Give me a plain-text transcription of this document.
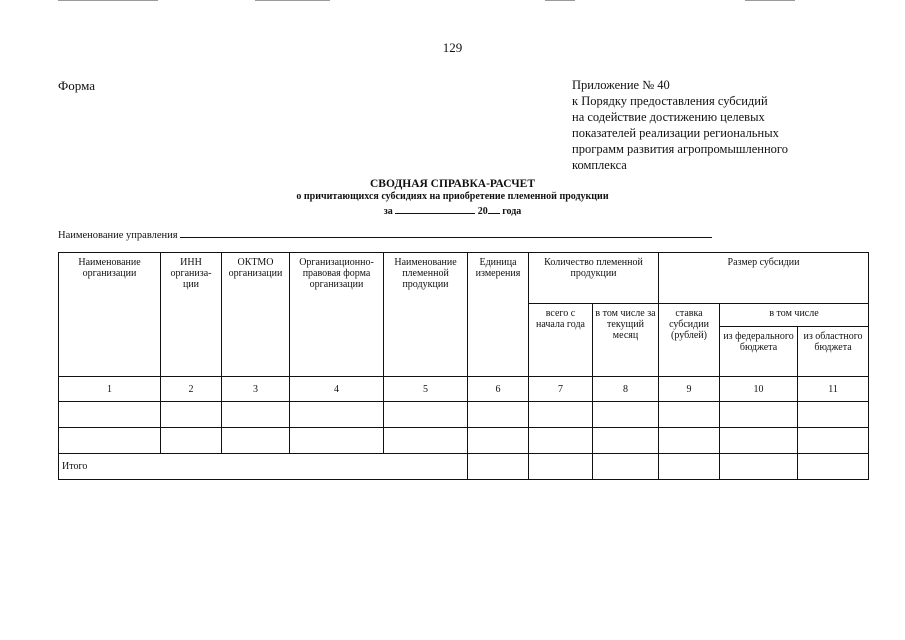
129
Форма	Приложение № 40
к Порядку предоставления субсидий
на содействие достижению целевых
показателей реализации региональных
программ развития агропромышленного
комплекса
СВОДНАЯ СПРАВКА-РАСЧЕТ
о причитающихся субсидиях на приобретение племенной продукции
за	20 года
Наименование управления
Наименование организации	ИНН организа-ции	ОКТМО организации	Организационно-правовая форма организации	Наименование племенной продукции	Единица измерения	Количество племенной продукции		Размер субсидии		
						всего с начала года	в том числе за текущий месяц	ставка субсидии (рублей)	в том числе	
									из федерального бюджета	из областного бюджета
1	2	3	4	5	6	7	8	9	10	11

Итого										
